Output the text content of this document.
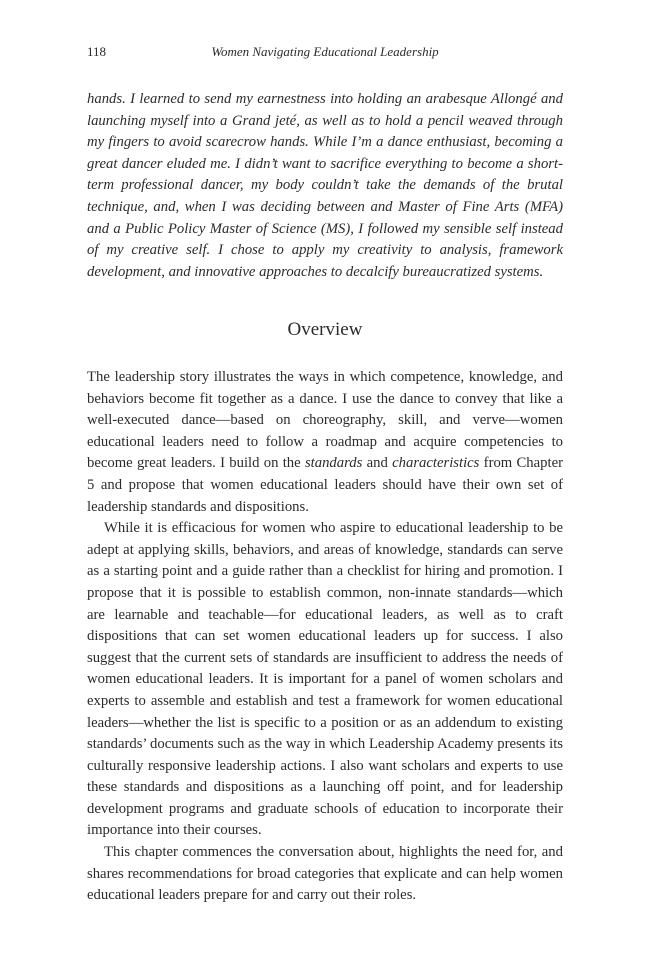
118	Women Navigating Educational Leadership

hands. I learned to send my earnestness into holding an arabesque Allongé and launching myself into a Grand jeté, as well as to hold a pencil weaved through my fingers to avoid scarecrow hands. While I’m a dance enthusiast, becoming a great dancer eluded me. I didn’t want to sacrifice everything to become a short-term professional dancer, my body couldn’t take the demands of the brutal technique, and, when I was deciding between and Master of Fine Arts (MFA) and a Public Policy Master of Science (MS), I followed my sensible self instead of my creative self. I chose to apply my creativity to analysis, framework development, and innovative approaches to decalcify bureaucratized systems.

Overview

The leadership story illustrates the ways in which competence, knowledge, and behaviors become fit together as a dance. I use the dance to convey that like a well-executed dance—based on choreography, skill, and verve—women educational leaders need to follow a roadmap and acquire competencies to become great leaders. I build on the standards and characteristics from Chapter 5 and propose that women educational leaders should have their own set of leadership standards and dispositions.

While it is efficacious for women who aspire to educational leadership to be adept at applying skills, behaviors, and areas of knowledge, standards can serve as a starting point and a guide rather than a checklist for hiring and promotion. I propose that it is possible to establish common, non-innate standards—which are learnable and teachable—for educational leaders, as well as to craft dispositions that can set women educational leaders up for success. I also suggest that the current sets of standards are insufficient to address the needs of women educational leaders. It is important for a panel of women scholars and experts to assemble and establish and test a framework for women educational leaders—whether the list is specific to a position or as an addendum to existing standards’ documents such as the way in which Leadership Academy presents its culturally responsive leadership actions. I also want scholars and experts to use these standards and dispositions as a launching off point, and for leadership development programs and graduate schools of education to incorporate their importance into their courses.

This chapter commences the conversation about, highlights the need for, and shares recommendations for broad categories that explicate and can help women educational leaders prepare for and carry out their roles.
